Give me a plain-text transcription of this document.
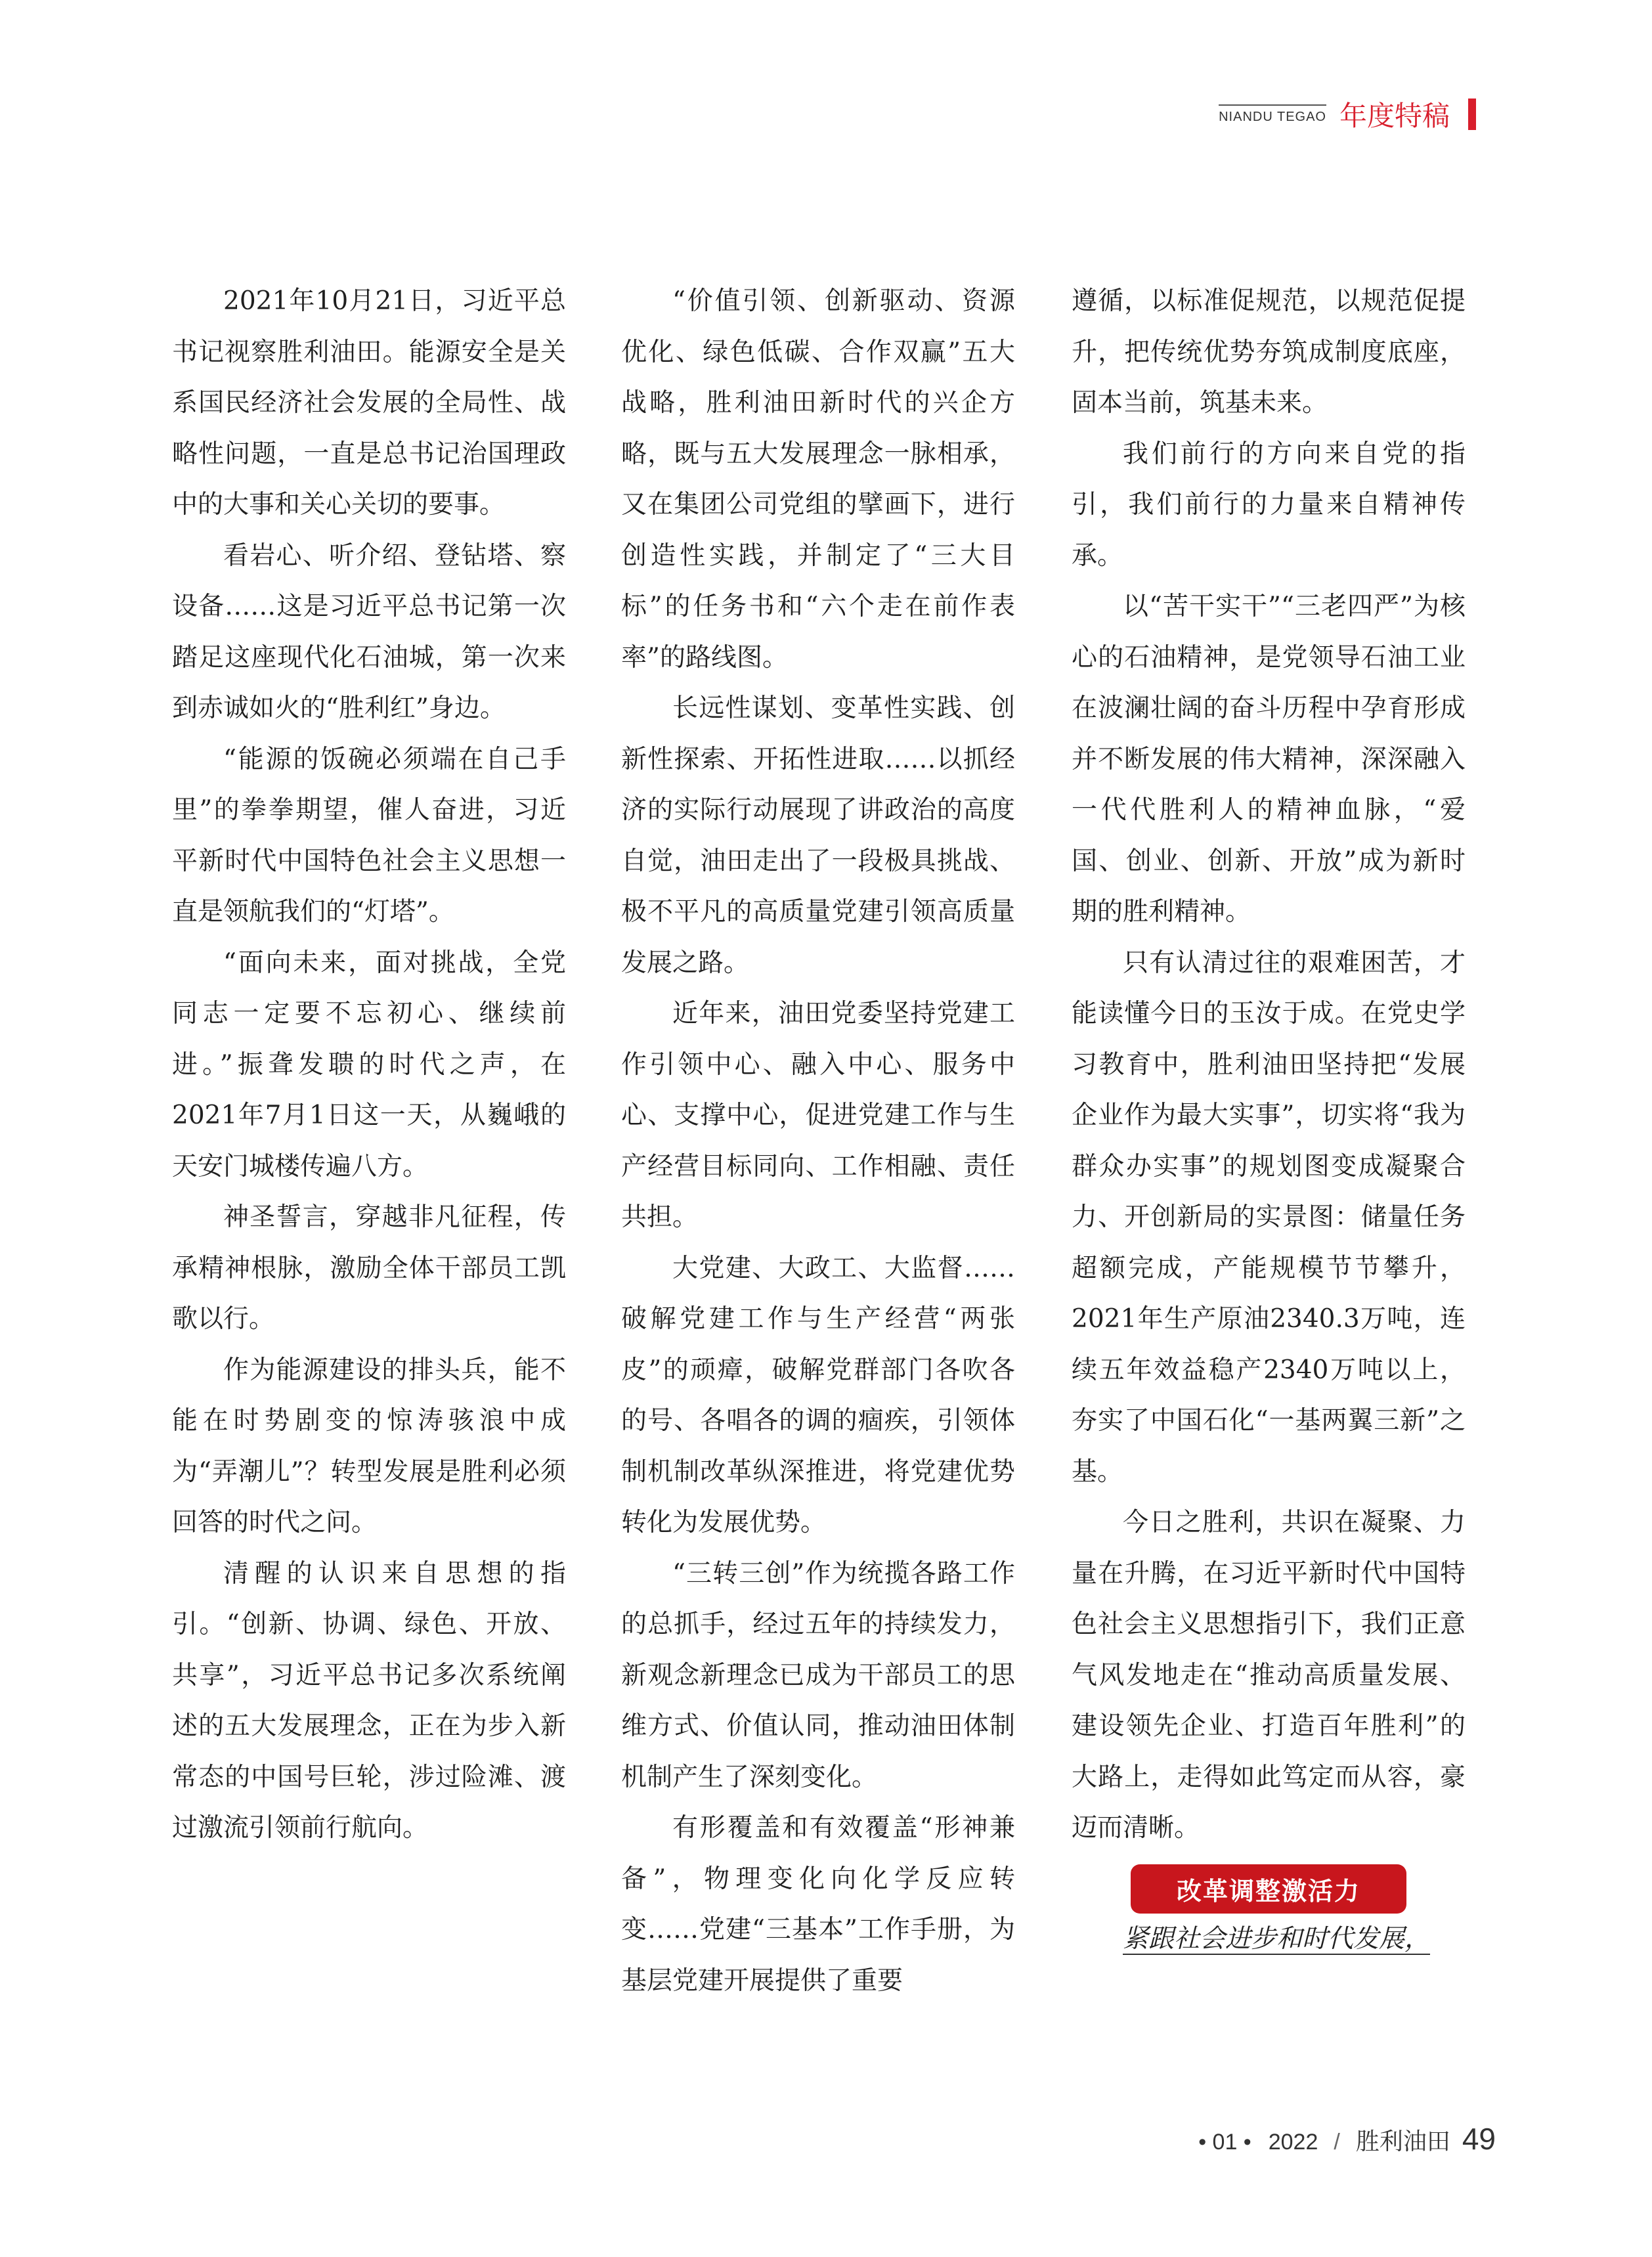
NIANDU TEGAO 年度特稿

2021年10月21日，习近平总书记视察胜利油田。能源安全是关系国民经济社会发展的全局性、战略性问题，一直是总书记治国理政中的大事和关心关切的要事。

看岩心、听介绍、登钻塔、察设备……这是习近平总书记第一次踏足这座现代化石油城，第一次来到赤诚如火的“胜利红”身边。

“能源的饭碗必须端在自己手里”的拳拳期望，催人奋进，习近平新时代中国特色社会主义思想一直是领航我们的“灯塔”。

“面向未来，面对挑战，全党同志一定要不忘初心、继续前进。”振聋发聩的时代之声，在2021年7月1日这一天，从巍峨的天安门城楼传遍八方。

神圣誓言，穿越非凡征程，传承精神根脉，激励全体干部员工凯歌以行。

作为能源建设的排头兵，能不能在时势剧变的惊涛骇浪中成为“弄潮儿”？转型发展是胜利必须回答的时代之问。

清醒的认识来自思想的指引。“创新、协调、绿色、开放、共享”，习近平总书记多次系统阐述的五大发展理念，正在为步入新常态的中国号巨轮，涉过险滩、渡过激流引领前行航向。

“价值引领、创新驱动、资源优化、绿色低碳、合作双赢”五大战略，胜利油田新时代的兴企方略，既与五大发展理念一脉相承，又在集团公司党组的擘画下，进行创造性实践，并制定了“三大目标”的任务书和“六个走在前作表率”的路线图。

长远性谋划、变革性实践、创新性探索、开拓性进取……以抓经济的实际行动展现了讲政治的高度自觉，油田走出了一段极具挑战、极不平凡的高质量党建引领高质量发展之路。

近年来，油田党委坚持党建工作引领中心、融入中心、服务中心、支撑中心，促进党建工作与生产经营目标同向、工作相融、责任共担。

大党建、大政工、大监督……破解党建工作与生产经营“两张皮”的顽瘴，破解党群部门各吹各的号、各唱各的调的痼疾，引领体制机制改革纵深推进，将党建优势转化为发展优势。

“三转三创”作为统揽各路工作的总抓手，经过五年的持续发力，新观念新理念已成为干部员工的思维方式、价值认同，推动油田体制机制产生了深刻变化。

有形覆盖和有效覆盖“形神兼备”，物理变化向化学反应转变……党建“三基本”工作手册，为基层党建开展提供了重要

遵循，以标准促规范，以规范促提升，把传统优势夯筑成制度底座，固本当前，筑基未来。

我们前行的方向来自党的指引，我们前行的力量来自精神传承。

以“苦干实干”“三老四严”为核心的石油精神，是党领导石油工业在波澜壮阔的奋斗历程中孕育形成并不断发展的伟大精神，深深融入一代代胜利人的精神血脉，“爱国、创业、创新、开放”成为新时期的胜利精神。

只有认清过往的艰难困苦，才能读懂今日的玉汝于成。在党史学习教育中，胜利油田坚持把“发展企业作为最大实事”，切实将“我为群众办实事”的规划图变成凝聚合力、开创新局的实景图：储量任务超额完成，产能规模节节攀升，2021年生产原油2340.3万吨，连续五年效益稳产2340万吨以上，夯实了中国石化“一基两翼三新”之基。

今日之胜利，共识在凝聚、力量在升腾，在习近平新时代中国特色社会主义思想指引下，我们正意气风发地走在“推动高质量发展、建设领先企业、打造百年胜利”的大路上，走得如此笃定而从容，豪迈而清晰。

改革调整激活力

紧跟社会进步和时代发展，

• 01 • 2022 / 胜利油田 49
